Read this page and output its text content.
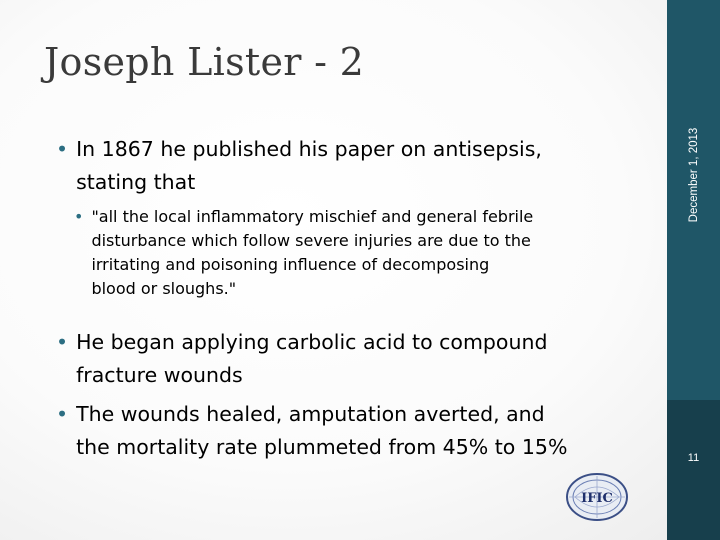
Joseph Lister - 2
December 1, 2013
11
• In 1867 he published his paper on antisepsis,
stating that
• "all the local inflammatory mischief and general febrile
disturbance which follow severe injuries are due to the
irritating and poisoning influence of decomposing
blood or sloughs."
• He began applying carbolic acid to compound
fracture wounds
• The wounds healed, amputation averted, and
the mortality rate plummeted from 45% to 15%
IFIC
